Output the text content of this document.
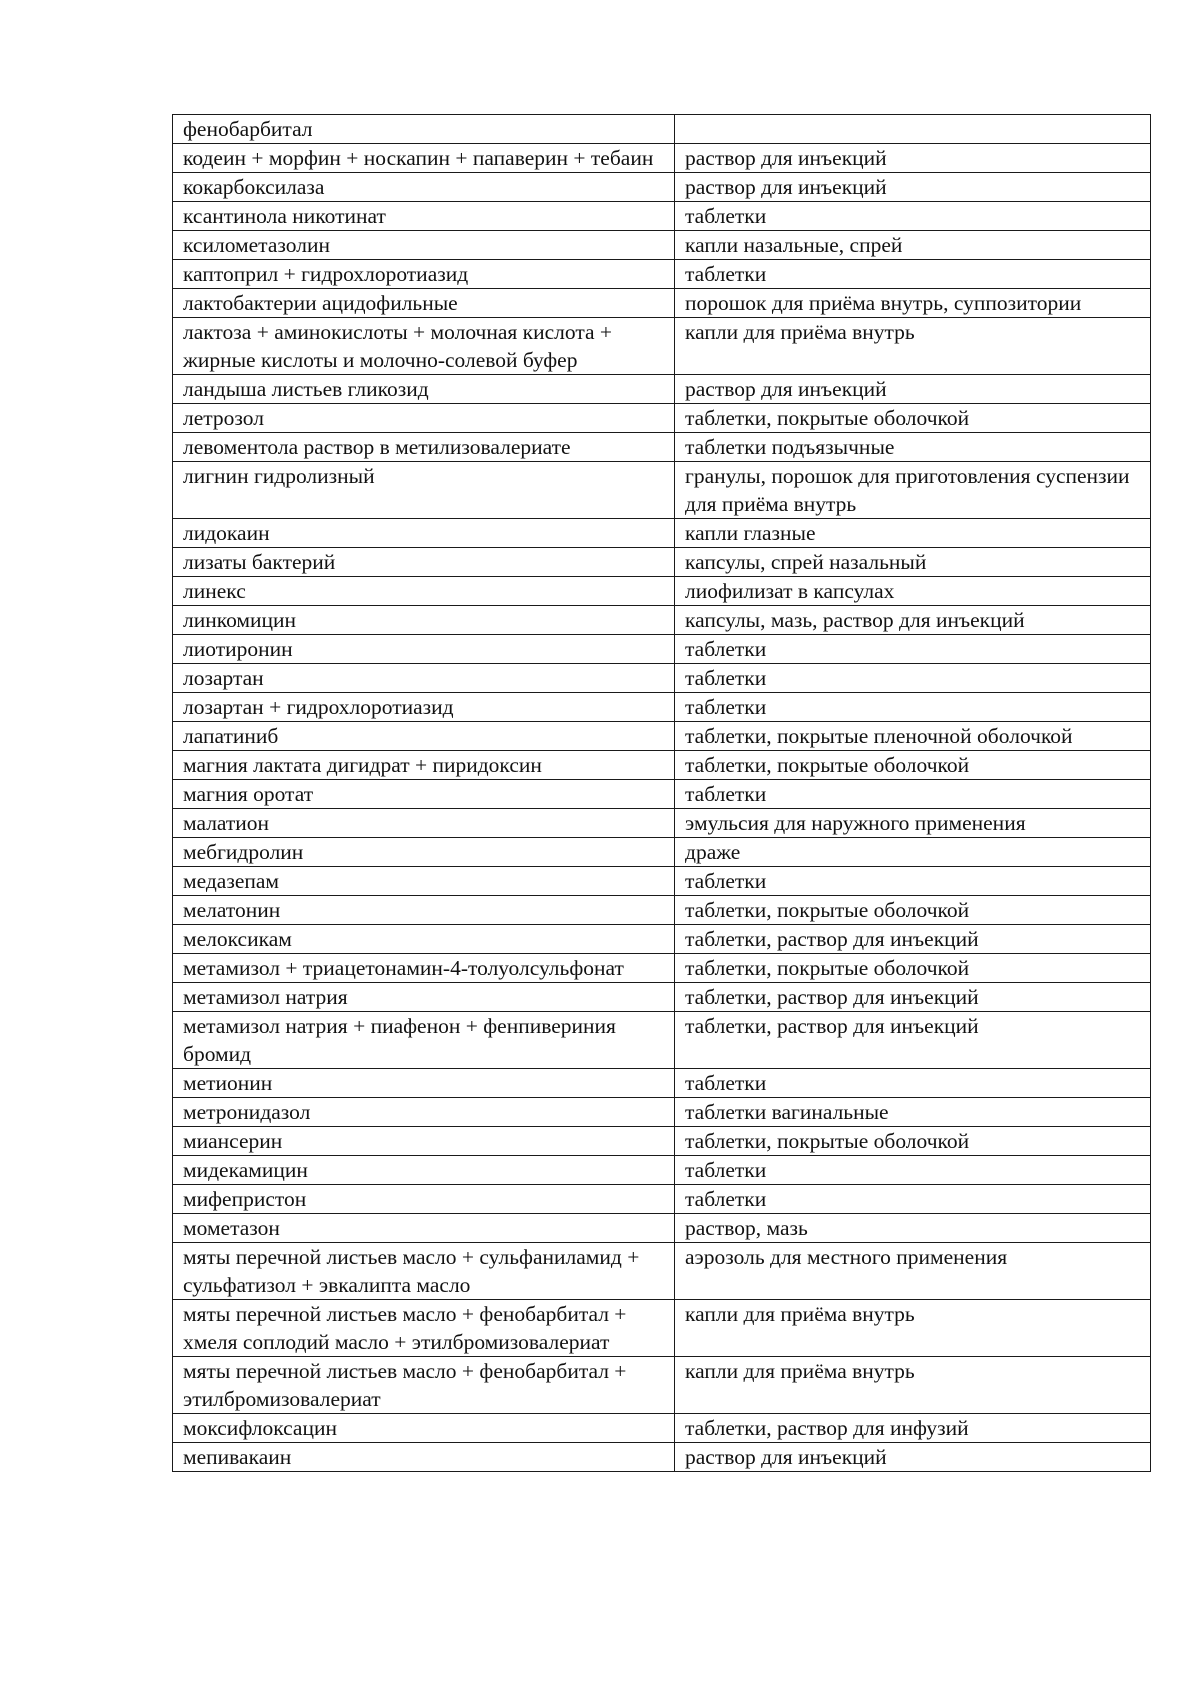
фенобарбитал	
кодеин + морфин + носкапин + папаверин + тебаин	раствор для инъекций
кокарбоксилаза	раствор для инъекций
ксантинола никотинат	таблетки
ксилометазолин	капли назальные, спрей
каптоприл + гидрохлоротиазид	таблетки
лактобактерии ацидофильные	порошок для приёма внутрь, суппозитории
лактоза + аминокислоты + молочная кислота + жирные кислоты и молочно-солевой буфер	капли для приёма внутрь
ландыша листьев гликозид	раствор для инъекций
летрозол	таблетки, покрытые оболочкой
левоментола раствор в метилизовалериате	таблетки подъязычные
лигнин гидролизный	гранулы, порошок для приготовления суспензии для приёма внутрь
лидокаин	капли глазные
лизаты бактерий	капсулы, спрей назальный
линекс	лиофилизат в капсулах
линкомицин	капсулы, мазь, раствор для инъекций
лиотиронин	таблетки
лозартан	таблетки
лозартан + гидрохлоротиазид	таблетки
лапатиниб	таблетки, покрытые пленочной оболочкой
магния лактата дигидрат + пиридоксин	таблетки, покрытые оболочкой
магния оротат	таблетки
малатион	эмульсия для наружного применения
мебгидролин	драже
медазепам	таблетки
мелатонин	таблетки, покрытые оболочкой
мелоксикам	таблетки, раствор для инъекций
метамизол + триацетонамин-4-толуолсульфонат	таблетки, покрытые оболочкой
метамизол натрия	таблетки, раствор для инъекций
метамизол натрия + пиафенон + фенпивериния бромид	таблетки, раствор для инъекций
метионин	таблетки
метронидазол	таблетки вагинальные
миансерин	таблетки, покрытые оболочкой
мидекамицин	таблетки
мифепристон	таблетки
мометазон	раствор, мазь
мяты перечной листьев масло + сульфаниламид + сульфатизол + эвкалипта масло	аэрозоль для местного применения
мяты перечной листьев масло + фенобарбитал + хмеля соплодий масло + этилбромизовалериат	капли для приёма внутрь
мяты перечной листьев масло + фенобарбитал + этилбромизовалериат	капли для приёма внутрь
моксифлоксацин	таблетки, раствор для инфузий
мепивакаин	раствор для инъекций
